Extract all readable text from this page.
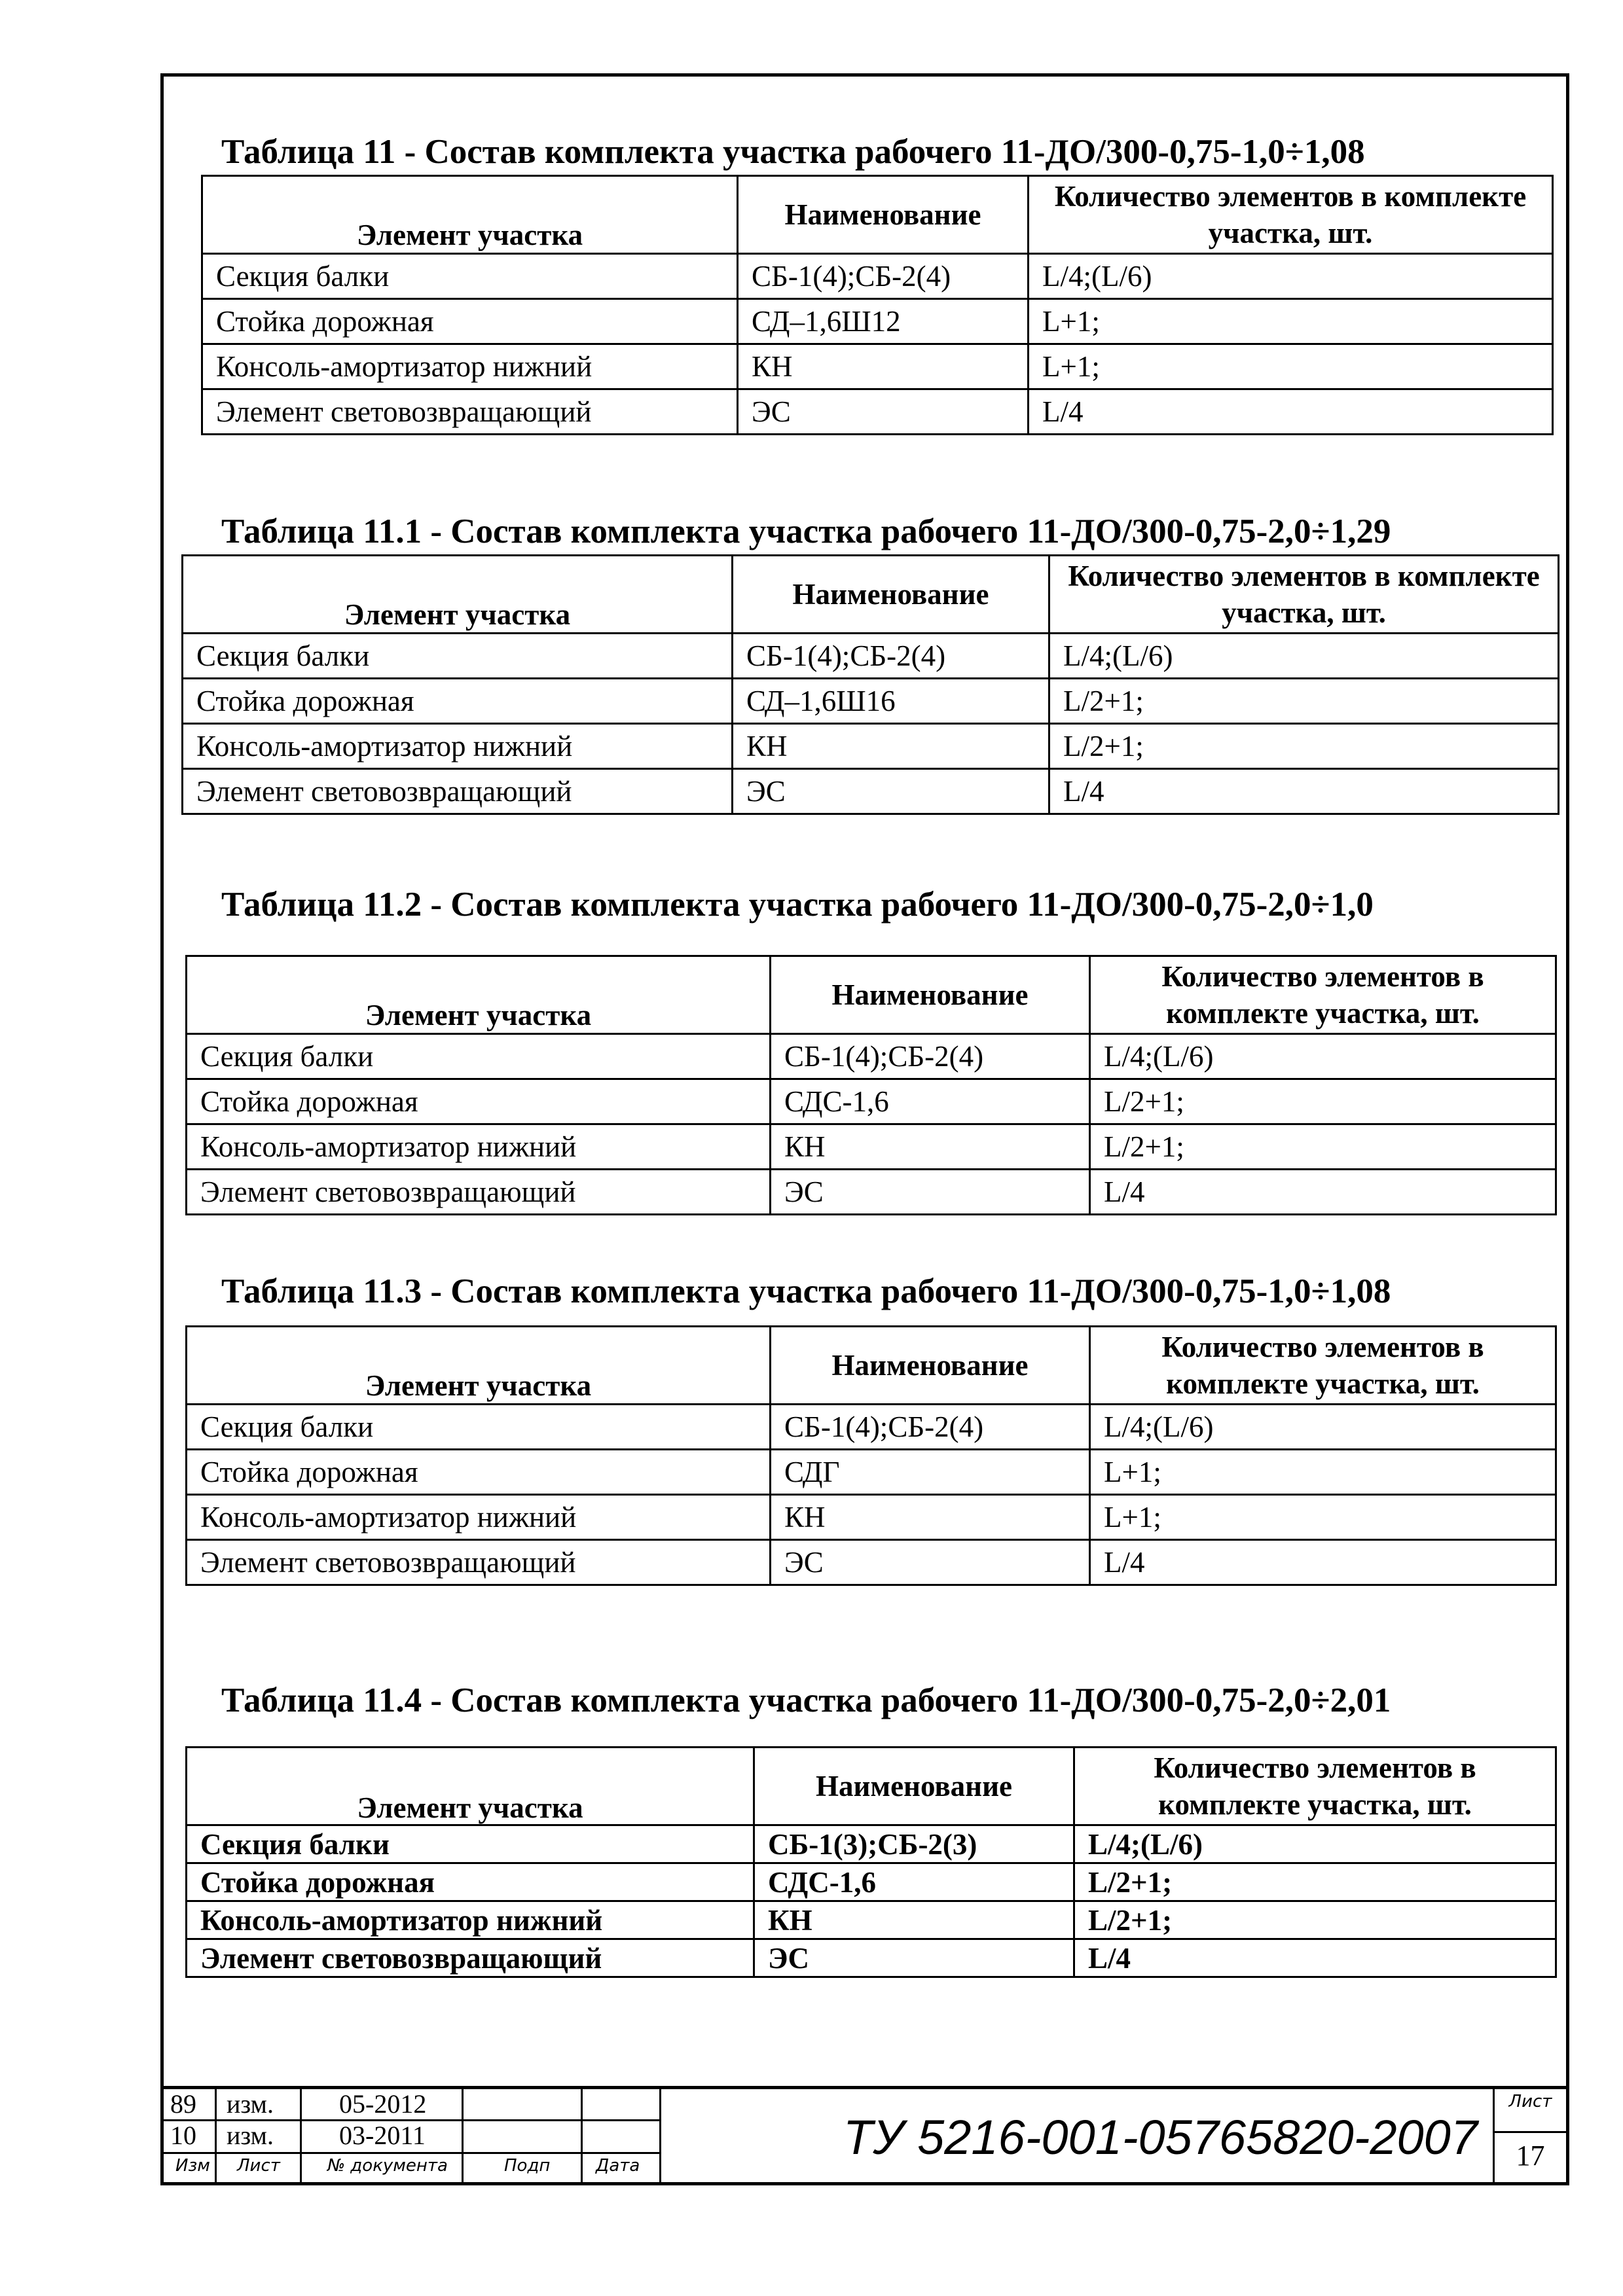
Таблица 11 - Состав комплекта участка рабочего 11-ДО/300-0,75-1,0÷1,08
Элемент участка	Наименование	Количество элементов в комплекте участка, шт.
Секция балки	СБ-1(4);СБ-2(4)	L/4;(L/6)
Стойка дорожная	СД–1,6Ш12	L+1;
Консоль-амортизатор нижний	КН	L+1;
Элемент световозвращающий	ЭС	L/4
Таблица 11.1 - Состав комплекта участка рабочего 11-ДО/300-0,75-2,0÷1,29
Элемент участка	Наименование	Количество элементов в комплекте участка, шт.
Секция балки	СБ-1(4);СБ-2(4)	L/4;(L/6)
Стойка дорожная	СД–1,6Ш16	L/2+1;
Консоль-амортизатор нижний	КН	L/2+1;
Элемент световозвращающий	ЭС	L/4
Таблица 11.2 - Состав комплекта участка рабочего 11-ДО/300-0,75-2,0÷1,0
Элемент участка	Наименование	Количество элементов в комплекте участка, шт.
Секция балки	СБ-1(4);СБ-2(4)	L/4;(L/6)
Стойка дорожная	СДС-1,6	L/2+1;
Консоль-амортизатор нижний	КН	L/2+1;
Элемент световозвращающий	ЭС	L/4
Таблица 11.3 - Состав комплекта участка рабочего 11-ДО/300-0,75-1,0÷1,08
Элемент участка	Наименование	Количество элементов в комплекте участка, шт.
Секция балки	СБ-1(4);СБ-2(4)	L/4;(L/6)
Стойка дорожная	СДГ	L+1;
Консоль-амортизатор нижний	КН	L+1;
Элемент световозвращающий	ЭС	L/4
Таблица 11.4 - Состав комплекта участка рабочего 11-ДО/300-0,75-2,0÷2,01
Элемент участка	Наименование	Количество элементов в комплекте участка, шт.
Секция балки	СБ-1(3);СБ-2(3)	L/4;(L/6)
Стойка дорожная	СДС-1,6	L/2+1;
Консоль-амортизатор нижний	КН	L/2+1;
Элемент световозвращающий	ЭС	L/4
89 изм.	05-2012
10 изм.	03-2011
Изм Лист	№ документа	Подп	Дата
ТУ 5216-001-05765820-2007
Лист
17
